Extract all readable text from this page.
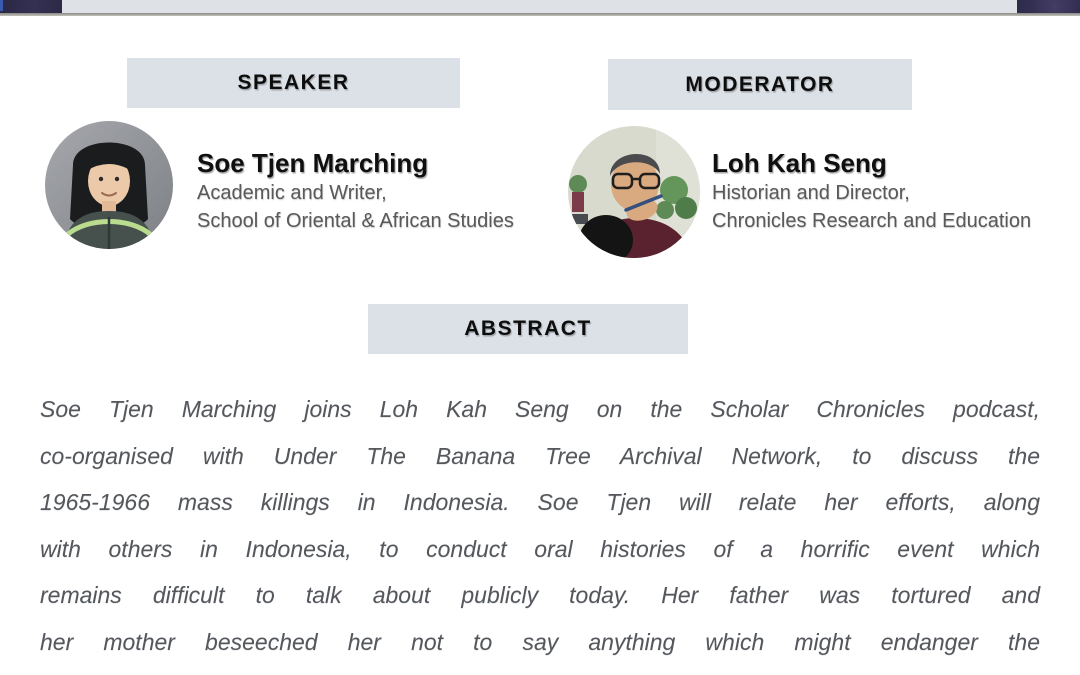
SPEAKER	MODERATOR
Soe Tjen Marching
Academic and Writer,
School of Oriental & African Studies
Loh Kah Seng
Historian and Director,
Chronicles Research and Education
ABSTRACT
Soe Tjen Marching joins Loh Kah Seng on the Scholar Chronicles podcast,
co-organised with Under The Banana Tree Archival Network, to discuss the
1965-1966 mass killings in Indonesia. Soe Tjen will relate her efforts, along
with others in Indonesia, to conduct oral histories of a horrific event which
remains difficult to talk about publicly today. Her father was tortured and
her mother beseeched her not to say anything which might endanger the
